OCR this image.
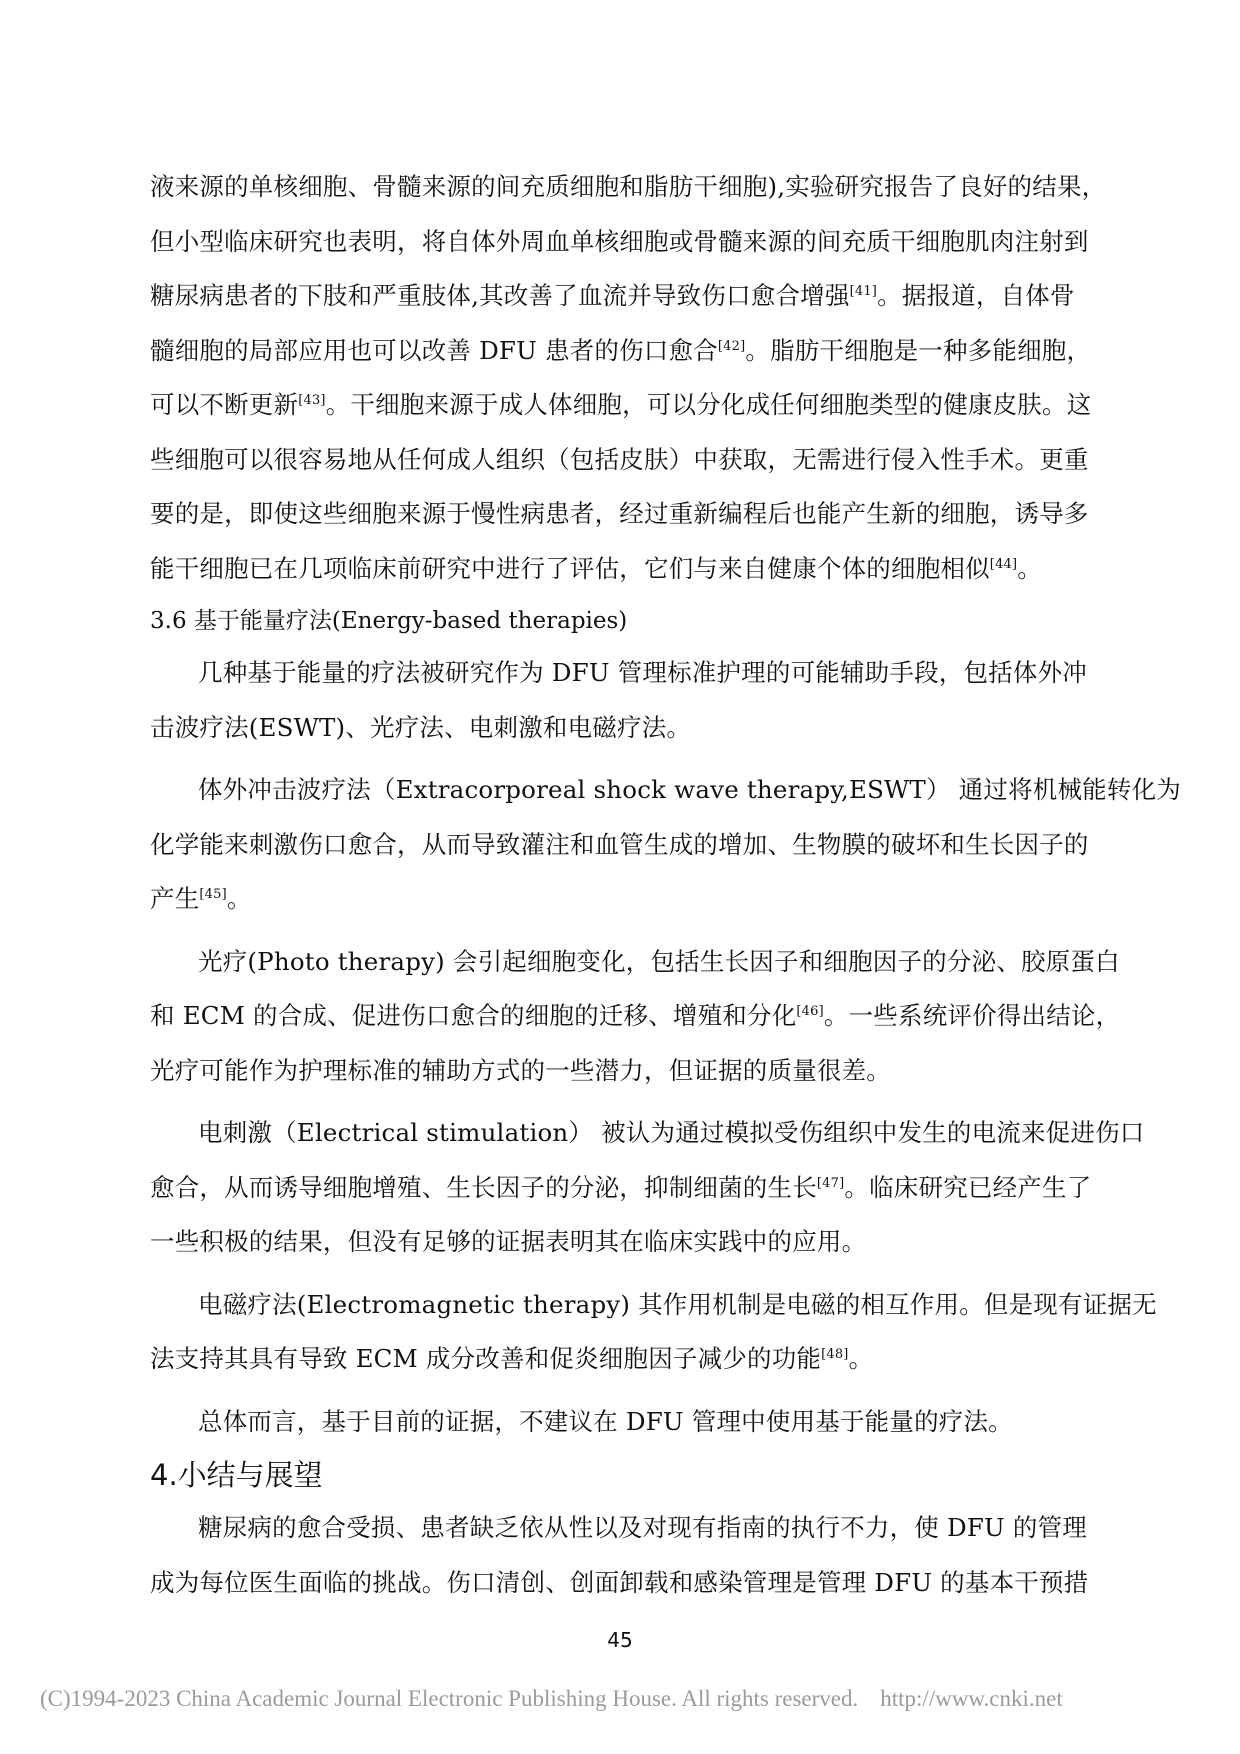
液来源的单核细胞、骨髓来源的间充质细胞和脂肪干细胞),实验研究报告了良好的结果，
但小型临床研究也表明，将自体外周血单核细胞或骨髓来源的间充质干细胞肌肉注射到
糖尿病患者的下肢和严重肢体,其改善了血流并导致伤口愈合增强[41]。据报道，自体骨
髓细胞的局部应用也可以改善 DFU 患者的伤口愈合[42]。脂肪干细胞是一种多能细胞，
可以不断更新[43]。干细胞来源于成人体细胞，可以分化成任何细胞类型的健康皮肤。这
些细胞可以很容易地从任何成人组织（包括皮肤）中获取，无需进行侵入性手术。更重
要的是，即使这些细胞来源于慢性病患者，经过重新编程后也能产生新的细胞，诱导多
能干细胞已在几项临床前研究中进行了评估，它们与来自健康个体的细胞相似[44]。
3.6 基于能量疗法(Energy-based therapies)
几种基于能量的疗法被研究作为 DFU 管理标准护理的可能辅助手段，包括体外冲
击波疗法(ESWT)、光疗法、电刺激和电磁疗法。
体外冲击波疗法（Extracorporeal shock wave therapy,ESWT） 通过将机械能转化为
化学能来刺激伤口愈合，从而导致灌注和血管生成的增加、生物膜的破坏和生长因子的
产生[45]。
光疗(Photo therapy) 会引起细胞变化，包括生长因子和细胞因子的分泌、胶原蛋白
和 ECM 的合成、促进伤口愈合的细胞的迁移、增殖和分化[46]。一些系统评价得出结论，
光疗可能作为护理标准的辅助方式的一些潜力，但证据的质量很差。
电刺激（Electrical stimulation） 被认为通过模拟受伤组织中发生的电流来促进伤口
愈合，从而诱导细胞增殖、生长因子的分泌，抑制细菌的生长[47]。临床研究已经产生了
一些积极的结果，但没有足够的证据表明其在临床实践中的应用。
电磁疗法(Electromagnetic therapy) 其作用机制是电磁的相互作用。但是现有证据无
法支持其具有导致 ECM 成分改善和促炎细胞因子减少的功能[48]。
总体而言，基于目前的证据，不建议在 DFU 管理中使用基于能量的疗法。
4.小结与展望
糖尿病的愈合受损、患者缺乏依从性以及对现有指南的执行不力，使 DFU 的管理
成为每位医生面临的挑战。伤口清创、创面卸载和感染管理是管理 DFU 的基本干预措
45
(C)1994-2023 China Academic Journal Electronic Publishing House. All rights reserved. http://www.cnki.net
